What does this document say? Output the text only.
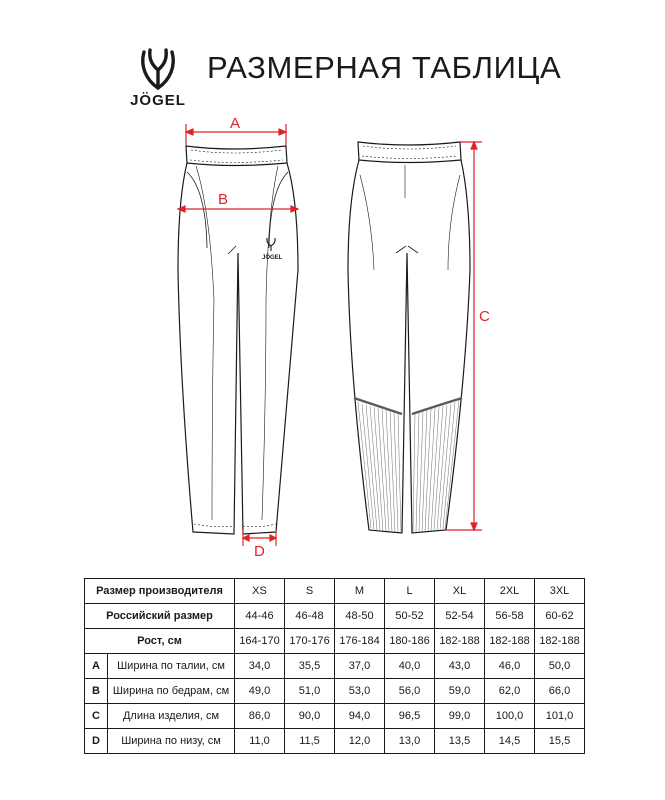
JÖGEL
РАЗМЕРНАЯ ТАБЛИЦА
JÖGEL
A
B
C
D
Размер производителя		XS	S	M	L	XL	2XL	3XL
Российский размер		44-46	46-48	48-50	50-52	52-54	56-58	60-62
Рост, см		164-170	170-176	176-184	180-186	182-188	182-188	182-188
A	Ширина по талии, см	34,0	35,5	37,0	40,0	43,0	46,0	50,0
B	Ширина по бедрам, см	49,0	51,0	53,0	56,0	59,0	62,0	66,0
C	Длина изделия, см	86,0	90,0	94,0	96,5	99,0	100,0	101,0
D	Ширина по низу, см	11,0	11,5	12,0	13,0	13,5	14,5	15,5
